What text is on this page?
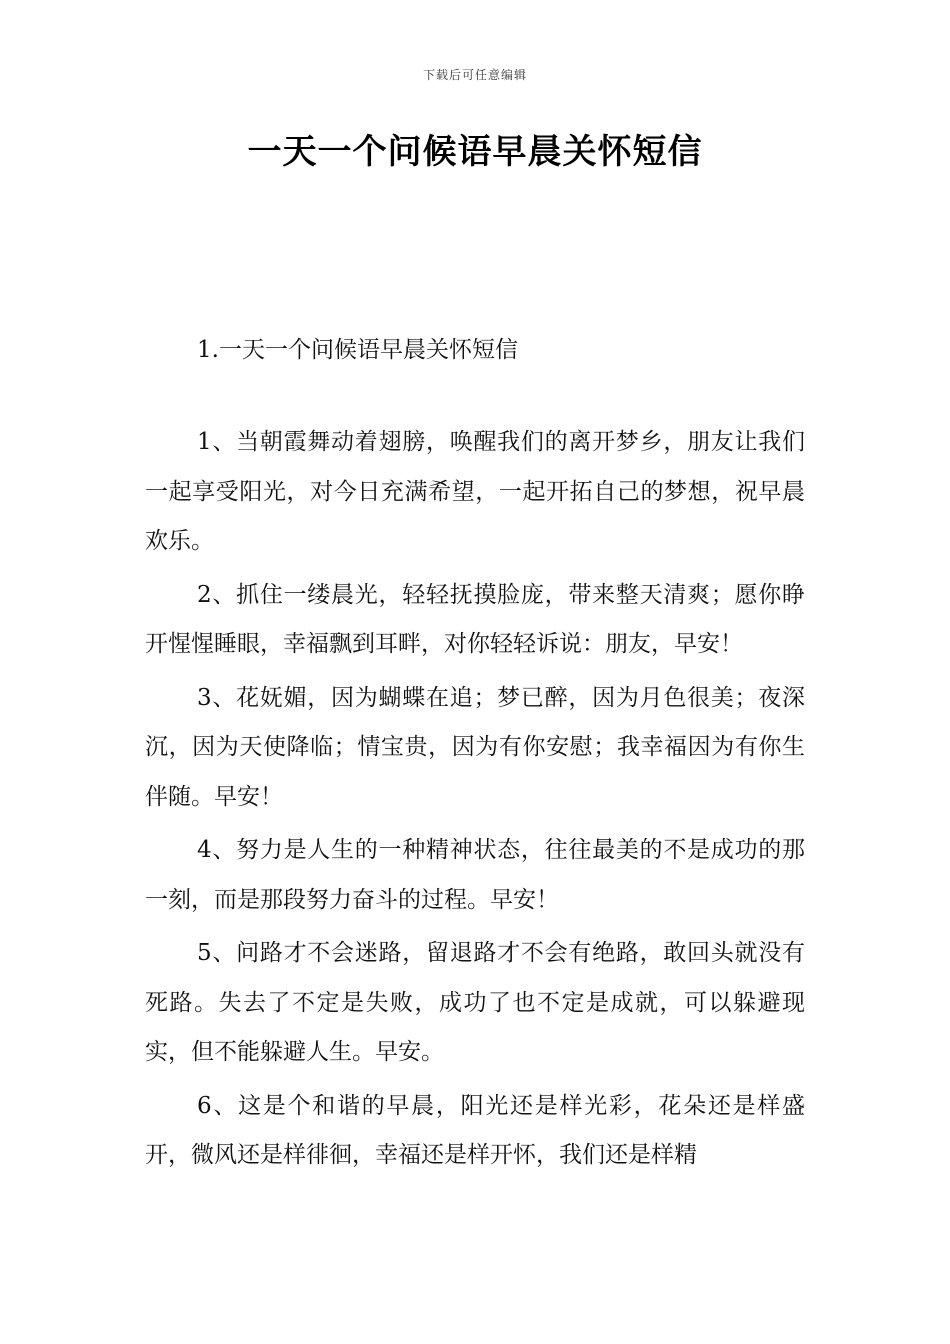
下载后可任意编辑
一天一个问候语早晨关怀短信

1.一天一个问候语早晨关怀短信

1、当朝霞舞动着翅膀，唤醒我们的离开梦乡，朋友让我们一起享受阳光，对今日充满希望，一起开拓自己的梦想，祝早晨欢乐。
2、抓住一缕晨光，轻轻抚摸脸庞，带来整天清爽；愿你睁开惺惺睡眼，幸福飘到耳畔，对你轻轻诉说：朋友，早安！
3、花妩媚，因为蝴蝶在追；梦已醉，因为月色很美；夜深沉，因为天使降临；情宝贵，因为有你安慰；我幸福因为有你生伴随。早安！
4、努力是人生的一种精神状态，往往最美的不是成功的那一刻，而是那段努力奋斗的过程。早安！
5、问路才不会迷路，留退路才不会有绝路，敢回头就没有死路。失去了不定是失败，成功了也不定是成就，可以躲避现实，但不能躲避人生。早安。
6、这是个和谐的早晨，阳光还是样光彩，花朵还是样盛开，微风还是样徘徊，幸福还是样开怀，我们还是样精
